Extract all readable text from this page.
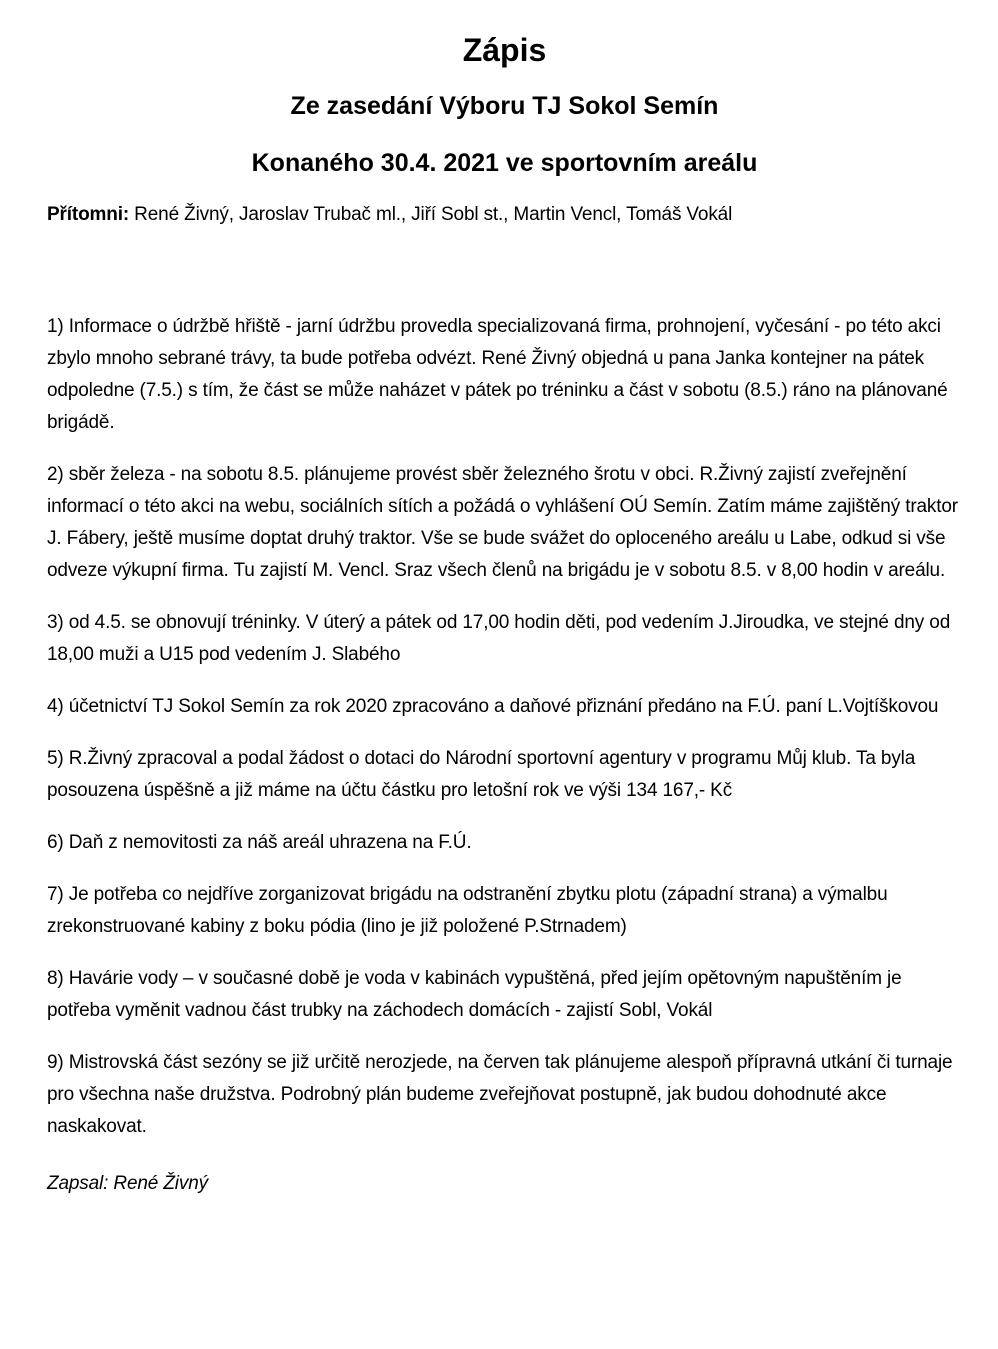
Zápis
Ze zasedání Výboru TJ Sokol Semín
Konaného 30.4. 2021 ve sportovním areálu

Přítomni: René Živný, Jaroslav Trubač ml., Jiří Sobl st., Martin Vencl, Tomáš Vokál

1) Informace o údržbě hřiště - jarní údržbu provedla specializovaná firma, prohnojení, vyčesání - po této akci zbylo mnoho sebrané trávy, ta bude potřeba odvézt. René Živný objedná u pana Janka kontejner na pátek odpoledne (7.5.) s tím, že část se může naházet v pátek po tréninku a část v sobotu (8.5.) ráno na plánované brigádě.

2) sběr železa - na sobotu 8.5. plánujeme provést sběr železného šrotu v obci. R.Živný zajistí zveřejnění informací o této akci na webu, sociálních sítích a požádá o vyhlášení OÚ Semín. Zatím máme zajištěný traktor J. Fábery, ještě musíme doptat druhý traktor. Vše se bude svážet do oploceného areálu u Labe, odkud si vše odveze výkupní firma. Tu zajistí M. Vencl. Sraz všech členů na brigádu je v sobotu 8.5. v 8,00 hodin v areálu.

3) od 4.5. se obnovují tréninky. V úterý a pátek od 17,00 hodin děti, pod vedením J.Jiroudka, ve stejné dny od 18,00 muži a U15 pod vedením J. Slabého

4) účetnictví TJ Sokol Semín za rok 2020 zpracováno a daňové přiznání předáno na F.Ú. paní L.Vojtíškovou

5) R.Živný zpracoval a podal žádost o dotaci do Národní sportovní agentury v programu Můj klub. Ta byla posouzena úspěšně a již máme na účtu částku pro letošní rok ve výši 134 167,- Kč

6) Daň z nemovitosti za náš areál uhrazena na F.Ú.

7) Je potřeba co nejdříve zorganizovat brigádu na odstranění zbytku plotu (západní strana) a výmalbu zrekonstruované kabiny z boku pódia (lino je již položené P.Strnadem)

8) Havárie vody – v současné době je voda v kabinách vypuštěná, před jejím opětovným napuštěním je potřeba vyměnit vadnou část trubky na záchodech domácích - zajistí Sobl, Vokál

9) Mistrovská část sezóny se již určitě nerozjede, na červen tak plánujeme alespoň přípravná utkání či turnaje pro všechna naše družstva. Podrobný plán budeme zveřejňovat postupně, jak budou dohodnuté akce naskakovat.

Zapsal: René Živný
